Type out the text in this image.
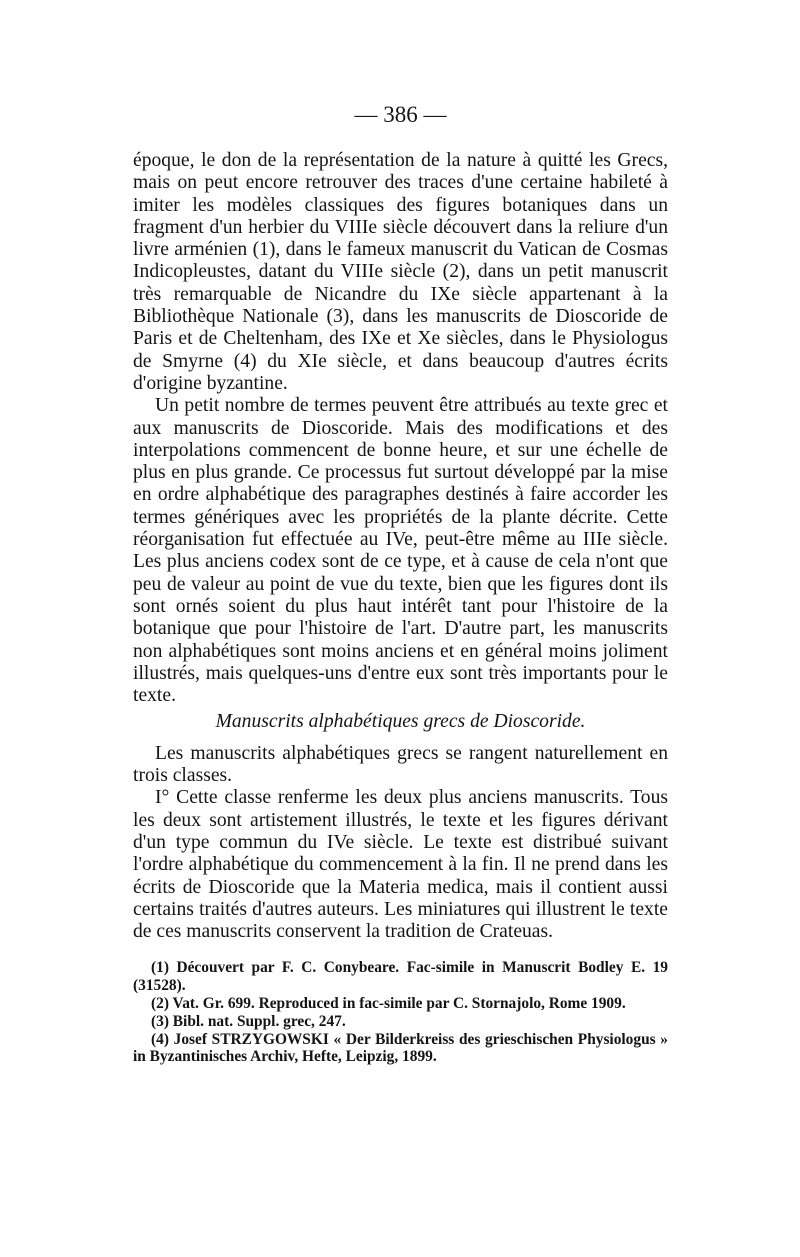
— 386 —

époque, le don de la représentation de la nature à quitté les Grecs, mais on peut encore retrouver des traces d'une certaine habileté à imiter les modèles classiques des figures botaniques dans un fragment d'un herbier du VIIIe siècle découvert dans la reliure d'un livre arménien (1), dans le fameux manuscrit du Vatican de Cosmas Indicopleustes, datant du VIIIe siècle (2), dans un petit manuscrit très remarquable de Nicandre du IXe siècle appartenant à la Bibliothèque Nationale (3), dans les manuscrits de Dioscoride de Paris et de Cheltenham, des IXe et Xe siècles, dans le Physiologus de Smyrne (4) du XIe siècle, et dans beaucoup d'autres écrits d'origine byzantine.

Un petit nombre de termes peuvent être attribués au texte grec et aux manuscrits de Dioscoride. Mais des modifications et des interpolations commencent de bonne heure, et sur une échelle de plus en plus grande. Ce processus fut surtout développé par la mise en ordre alphabétique des paragraphes destinés à faire accorder les termes génériques avec les propriétés de la plante décrite. Cette réorganisation fut effectuée au IVe, peut-être même au IIIe siècle. Les plus anciens codex sont de ce type, et à cause de cela n'ont que peu de valeur au point de vue du texte, bien que les figures dont ils sont ornés soient du plus haut intérêt tant pour l'histoire de la botanique que pour l'histoire de l'art. D'autre part, les manuscrits non alphabétiques sont moins anciens et en général moins joliment illustrés, mais quelques-uns d'entre eux sont très importants pour le texte.

Manuscrits alphabétiques grecs de Dioscoride.

Les manuscrits alphabétiques grecs se rangent naturellement en trois classes.

I° Cette classe renferme les deux plus anciens manuscrits. Tous les deux sont artistement illustrés, le texte et les figures dérivant d'un type commun du IVe siècle. Le texte est distribué suivant l'ordre alphabétique du commencement à la fin. Il ne prend dans les écrits de Dioscoride que la Materia medica, mais il contient aussi certains traités d'autres auteurs. Les miniatures qui illustrent le texte de ces manuscrits conservent la tradition de Crateuas.

(1) Découvert par F. C. Conybeare. Fac-simile in Manuscrit Bodley E. 19 (31528).

(2) Vat. Gr. 699. Reproduced in fac-simile par C. Stornajolo, Rome 1909.

(3) Bibl. nat. Suppl. grec, 247.

(4) Josef STRZYGOWSKI « Der Bilderkreiss des grieschischen Physiologus » in Byzantinisches Archiv, Hefte, Leipzig, 1899.
